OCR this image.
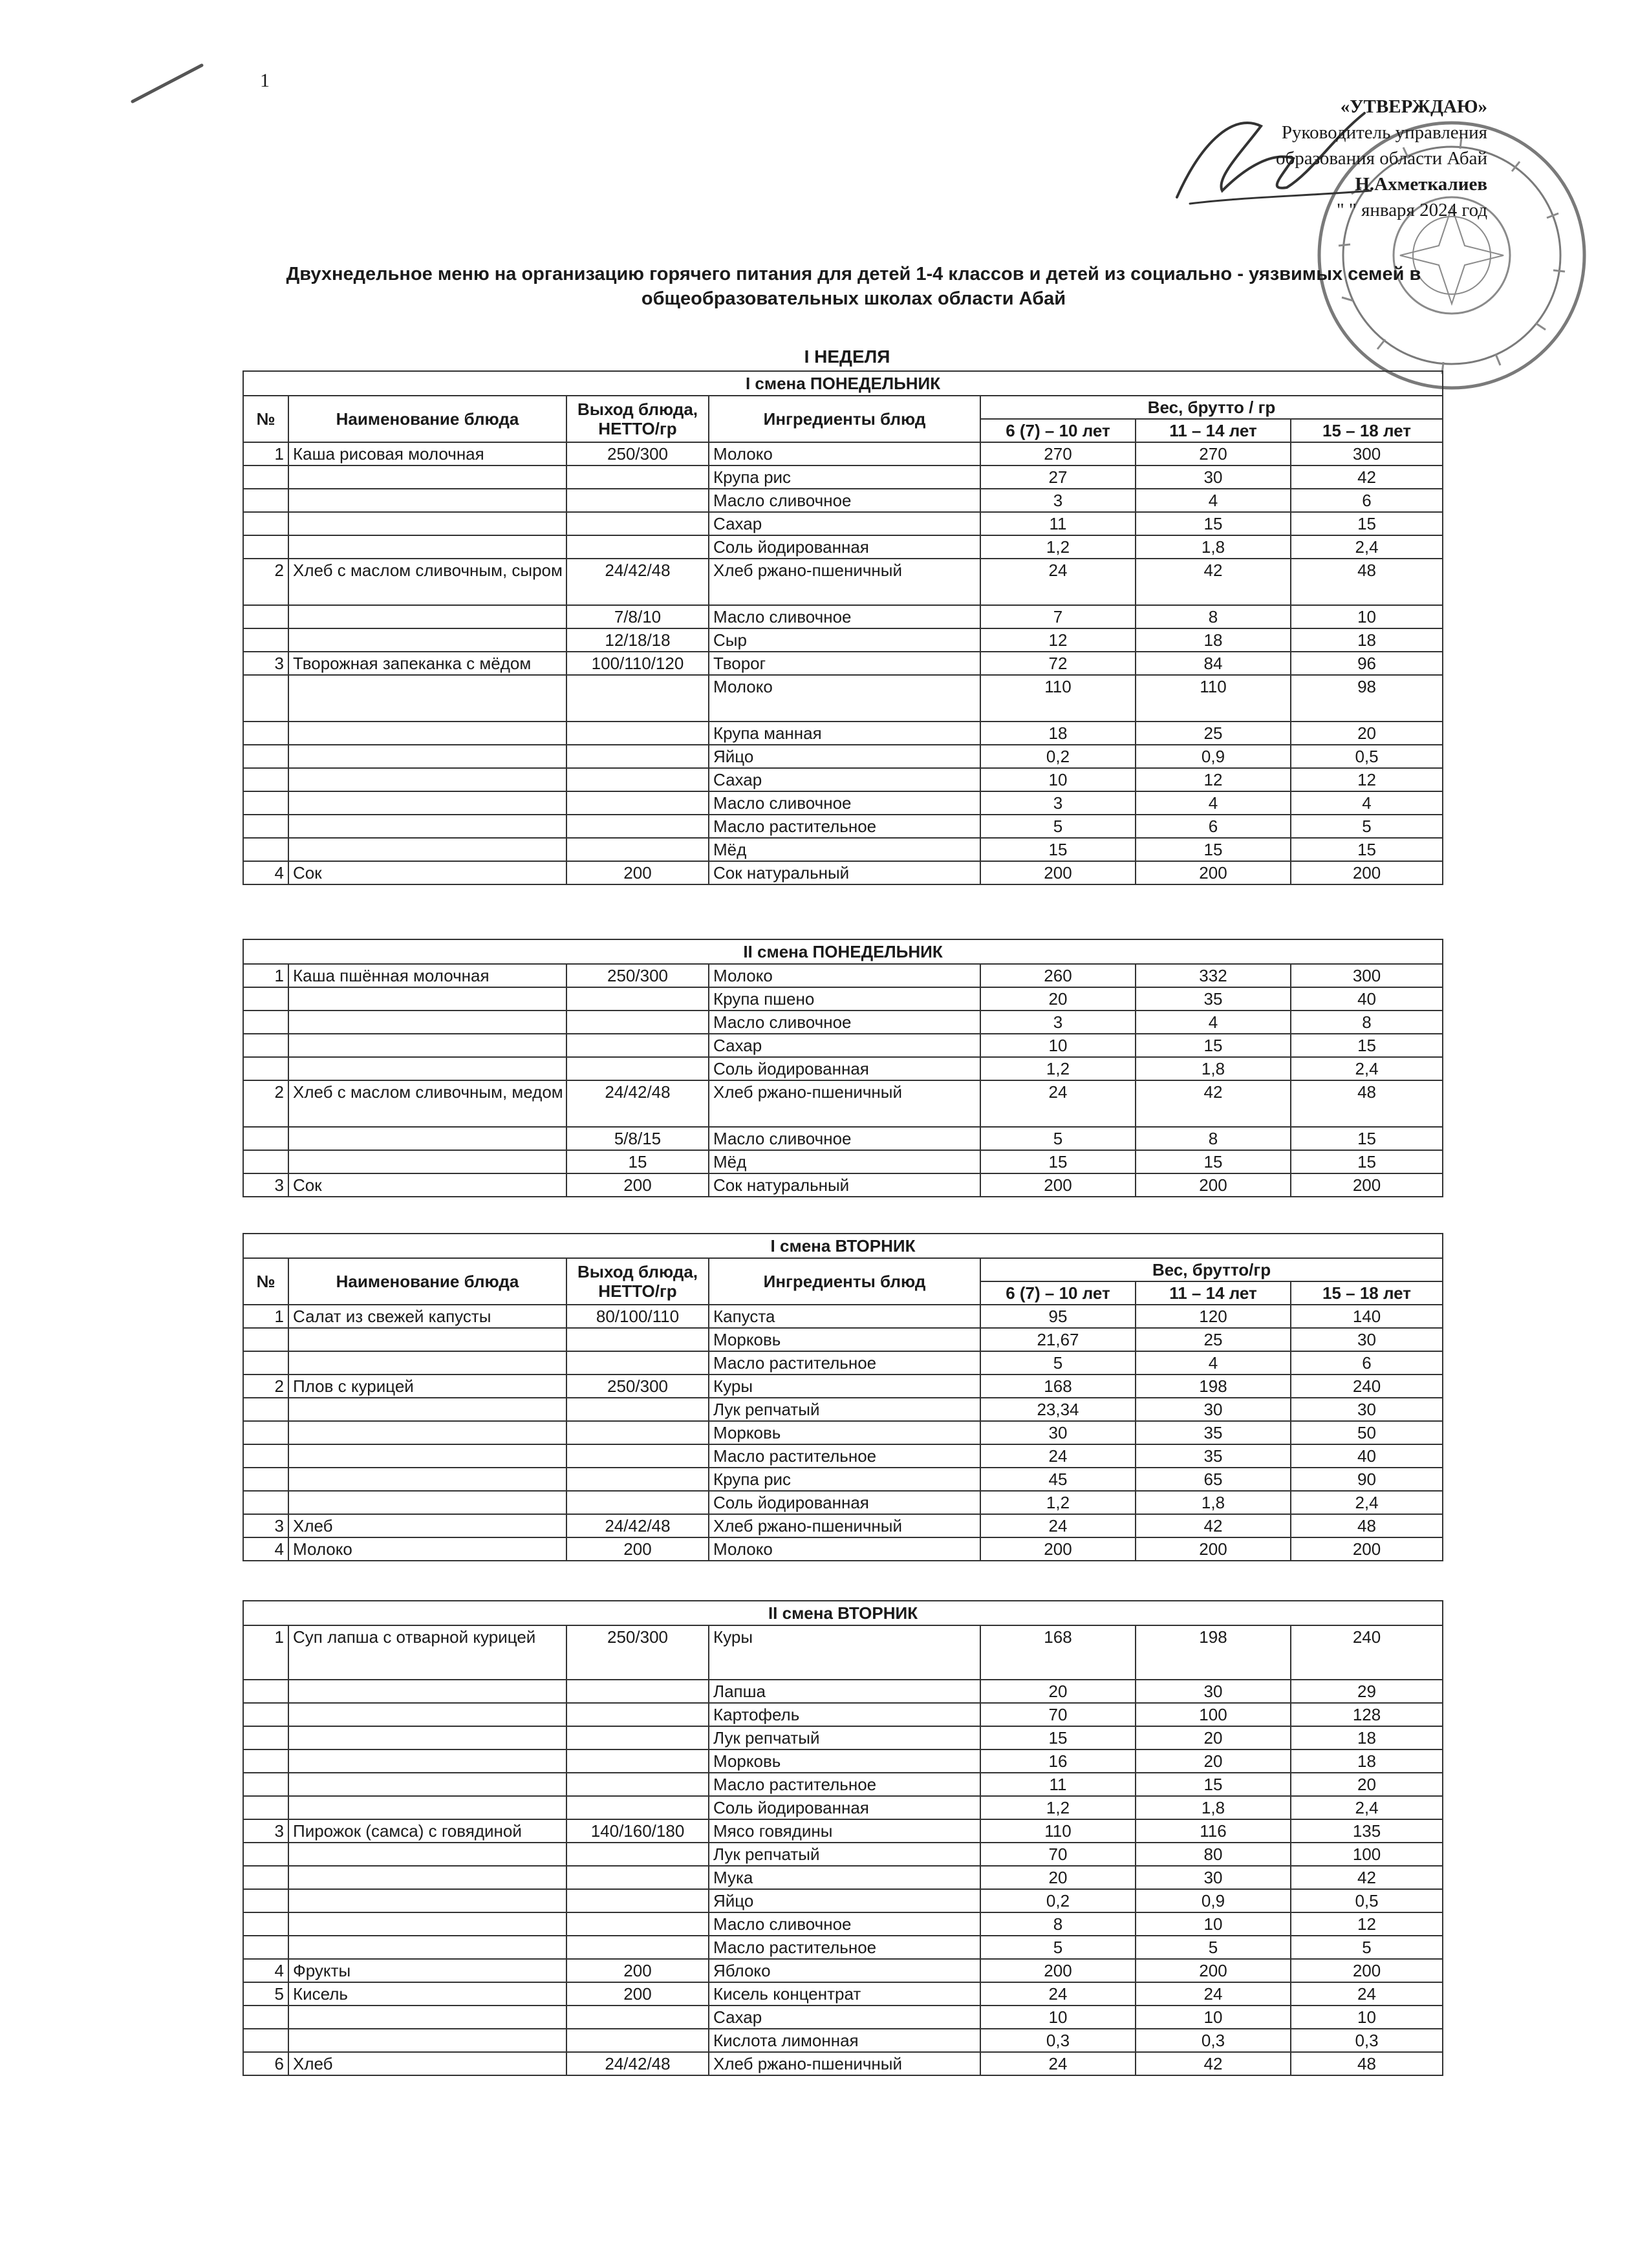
1
«УТВЕРЖДАЮ»
Руководитель управления
образования области Абай
Н.Ахметкалиев
" " января 2024 год
Двухнедельное меню на организацию горячего питания для детей 1-4 классов и детей из социально - уязвимых семей в
общеобразовательных школах области Абай
I НЕДЕЛЯ
I смена ПОНЕДЕЛЬНИК						
№	Наименование блюда	Выход блюда, НЕТТО/гр	Ингредиенты блюд	Вес, брутто / гр		
				6 (7) – 10 лет	11 – 14 лет	15 – 18 лет
1	Каша рисовая молочная	250/300	Молоко	270	270	300
			Крупа рис	27	30	42
			Масло сливочное	3	4	6
			Сахар	11	15	15
			Соль йодированная	1,2	1,8	2,4
2	Хлеб с маслом сливочным, сыром	24/42/48	Хлеб ржано-пшеничный	24	42	48
		7/8/10	Масло сливочное	7	8	10
		12/18/18	Сыр	12	18	18
3	Творожная запеканка с мёдом	100/110/120	Творог	72	84	96
			Молоко	110	110	98
			Крупа манная	18	25	20
			Яйцо	0,2	0,9	0,5
			Сахар	10	12	12
			Масло сливочное	3	4	4
			Масло растительное	5	6	5
			Мёд	15	15	15
4	Сок	200	Сок натуральный	200	200	200
II смена ПОНЕДЕЛЬНИК						
1	Каша пшённая молочная	250/300	Молоко	260	332	300
			Крупа пшено	20	35	40
			Масло сливочное	3	4	8
			Сахар	10	15	15
			Соль йодированная	1,2	1,8	2,4
2	Хлеб с маслом сливочным, медом	24/42/48	Хлеб ржано-пшеничный	24	42	48
		5/8/15	Масло сливочное	5	8	15
		15	Мёд	15	15	15
3	Сок	200	Сок натуральный	200	200	200
I смена ВТОРНИК						
№	Наименование блюда	Выход блюда, НЕТТО/гр	Ингредиенты блюд	Вес, брутто/гр		
				6 (7) – 10 лет	11 – 14 лет	15 – 18 лет
1	Салат из свежей капусты	80/100/110	Капуста	95	120	140
			Морковь	21,67	25	30
			Масло растительное	5	4	6
2	Плов с курицей	250/300	Куры	168	198	240
			Лук репчатый	23,34	30	30
			Морковь	30	35	50
			Масло растительное	24	35	40
			Крупа рис	45	65	90
			Соль йодированная	1,2	1,8	2,4
3	Хлеб	24/42/48	Хлеб ржано-пшеничный	24	42	48
4	Молоко	200	Молоко	200	200	200
II смена ВТОРНИК						
1	Суп лапша с отварной курицей	250/300	Куры	168	198	240
			Лапша	20	30	29
			Картофель	70	100	128
			Лук репчатый	15	20	18
			Морковь	16	20	18
			Масло растительное	11	15	20
			Соль йодированная	1,2	1,8	2,4
3	Пирожок (самса) с говядиной	140/160/180	Мясо говядины	110	116	135
			Лук репчатый	70	80	100
			Мука	20	30	42
			Яйцо	0,2	0,9	0,5
			Масло сливочное	8	10	12
			Масло растительное	5	5	5
4	Фрукты	200	Яблоко	200	200	200
5	Кисель	200	Кисель концентрат	24	24	24
			Сахар	10	10	10
			Кислота лимонная	0,3	0,3	0,3
6	Хлеб	24/42/48	Хлеб ржано-пшеничный	24	42	48
